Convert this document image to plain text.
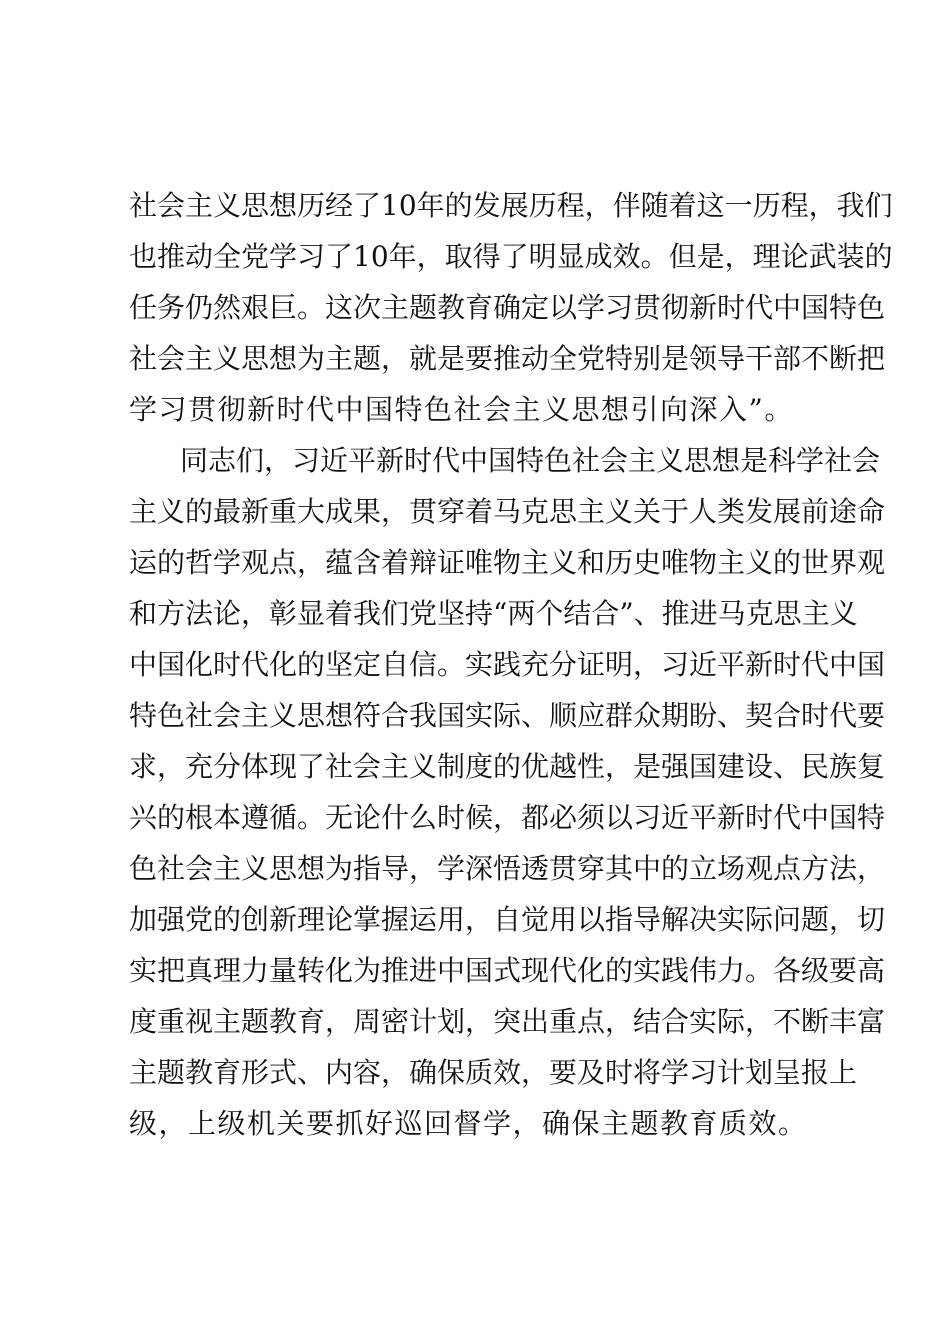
社会主义思想历经了10年的发展历程，伴随着这一历程，我们
也推动全党学习了10年，取得了明显成效。但是，理论武装的
任务仍然艰巨。这次主题教育确定以学习贯彻新时代中国特色
社会主义思想为主题，就是要推动全党特别是领导干部不断把
学习贯彻新时代中国特色社会主义思想引向深入”。
同志们，习近平新时代中国特色社会主义思想是科学社会
主义的最新重大成果，贯穿着马克思主义关于人类发展前途命
运的哲学观点，蕴含着辩证唯物主义和历史唯物主义的世界观
和方法论，彰显着我们党坚持“两个结合”、推进马克思主义
中国化时代化的坚定自信。实践充分证明，习近平新时代中国
特色社会主义思想符合我国实际、顺应群众期盼、契合时代要
求，充分体现了社会主义制度的优越性，是强国建设、民族复
兴的根本遵循。无论什么时候，都必须以习近平新时代中国特
色社会主义思想为指导，学深悟透贯穿其中的立场观点方法，
加强党的创新理论掌握运用，自觉用以指导解决实际问题，切
实把真理力量转化为推进中国式现代化的实践伟力。各级要高
度重视主题教育，周密计划，突出重点，结合实际，不断丰富
主题教育形式、内容，确保质效，要及时将学习计划呈报上
级，上级机关要抓好巡回督学，确保主题教育质效。
